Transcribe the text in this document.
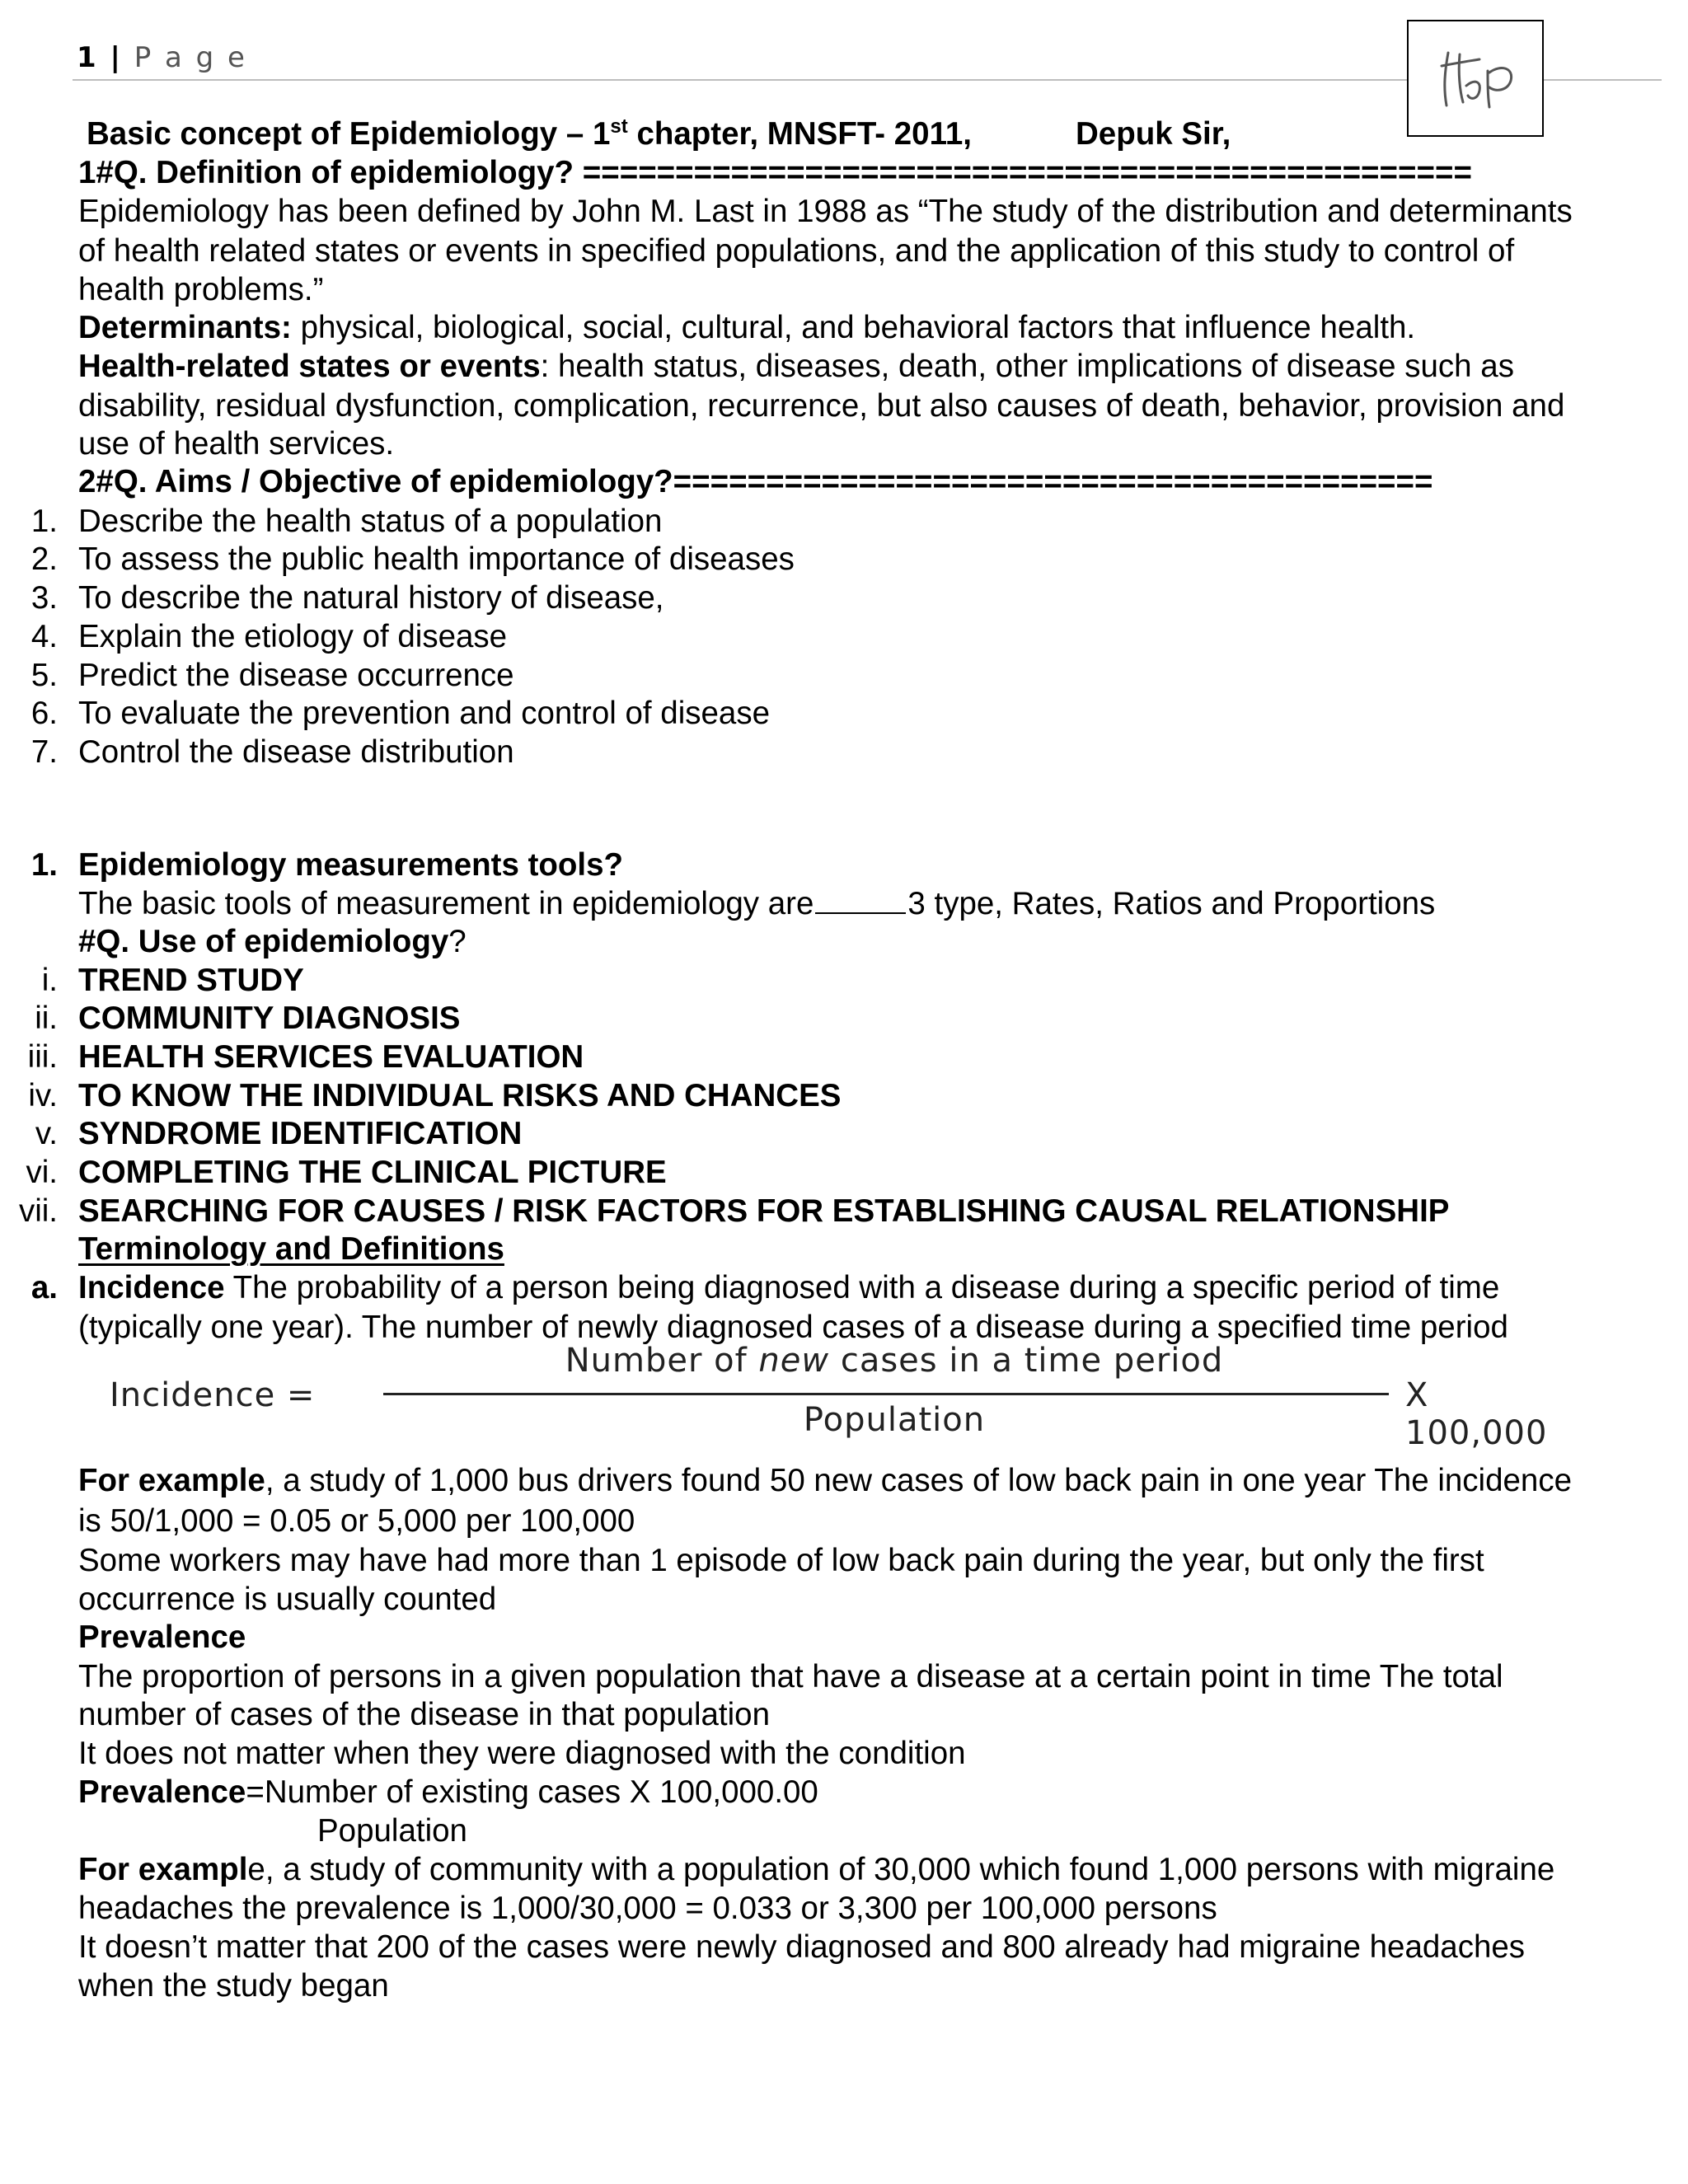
1 | P a g e
Basic concept of Epidemiology – 1st chapter, MNSFT- 2011,	Depuk Sir,
1#Q. Definition of epidemiology? ================================================
Epidemiology has been defined by John M. Last in 1988 as “The study of the distribution and determinants
of health related states or events in specified populations, and the application of this study to control of
health problems.”
Determinants: physical, biological, social, cultural, and behavioral factors that influence health.
Health-related states or events: health status, diseases, death, other implications of disease such as
disability, residual dysfunction, complication, recurrence, but also causes of death, behavior, provision and
use of health services.
2#Q. Aims / Objective of epidemiology?=========================================
1. Describe the health status of a population
2. To assess the public health importance of diseases
3. To describe the natural history of disease,
4. Explain the etiology of disease
5. Predict the disease occurrence
6. To evaluate the prevention and control of disease
7. Control the disease distribution
1. Epidemiology measurements tools?
The basic tools of measurement in epidemiology are	3 type, Rates, Ratios and Proportions
#Q. Use of epidemiology?
i. TREND STUDY
ii. COMMUNITY DIAGNOSIS
iii. HEALTH SERVICES EVALUATION
iv. TO KNOW THE INDIVIDUAL RISKS AND CHANCES
v. SYNDROME IDENTIFICATION
vi. COMPLETING THE CLINICAL PICTURE
vii. SEARCHING FOR CAUSES / RISK FACTORS FOR ESTABLISHING CAUSAL RELATIONSHIP
Terminology and Definitions
a. Incidence The probability of a person being diagnosed with a disease during a specific period of time
(typically one year). The number of newly diagnosed cases of a disease during a specified time period
Incidence =
Number of new cases in a time period
Population
X 100,000
For example, a study of 1,000 bus drivers found 50 new cases of low back pain in one year The incidence
is 50/1,000 = 0.05 or 5,000 per 100,000
Some workers may have had more than 1 episode of low back pain during the year, but only the first
occurrence is usually counted
Prevalence
The proportion of persons in a given population that have a disease at a certain point in time The total
number of cases of the disease in that population
It does not matter when they were diagnosed with the condition
Prevalence=Number of existing cases X 100,000.00
Population
For example, a study of community with a population of 30,000 which found 1,000 persons with migraine
headaches the prevalence is 1,000/30,000 = 0.033 or 3,300 per 100,000 persons
It doesn’t matter that 200 of the cases were newly diagnosed and 800 already had migraine headaches
when the study began
